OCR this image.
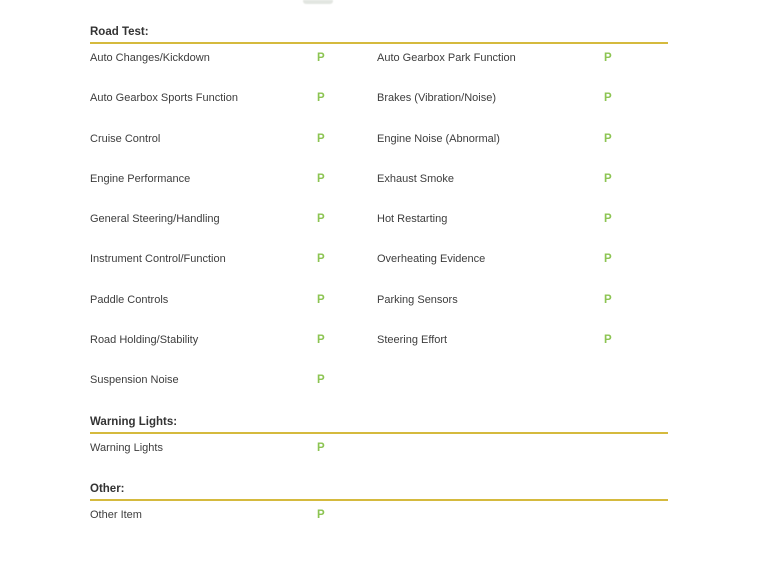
Road Test:
Auto Changes/Kickdown	P	Auto Gearbox Park Function	P
Auto Gearbox Sports Function	P	Brakes (Vibration/Noise)	P
Cruise Control	P	Engine Noise (Abnormal)	P
Engine Performance	P	Exhaust Smoke	P
General Steering/Handling	P	Hot Restarting	P
Instrument Control/Function	P	Overheating Evidence	P
Paddle Controls	P	Parking Sensors	P
Road Holding/Stability	P	Steering Effort	P
Suspension Noise	P
Warning Lights:
Warning Lights	P
Other:
Other Item	P
